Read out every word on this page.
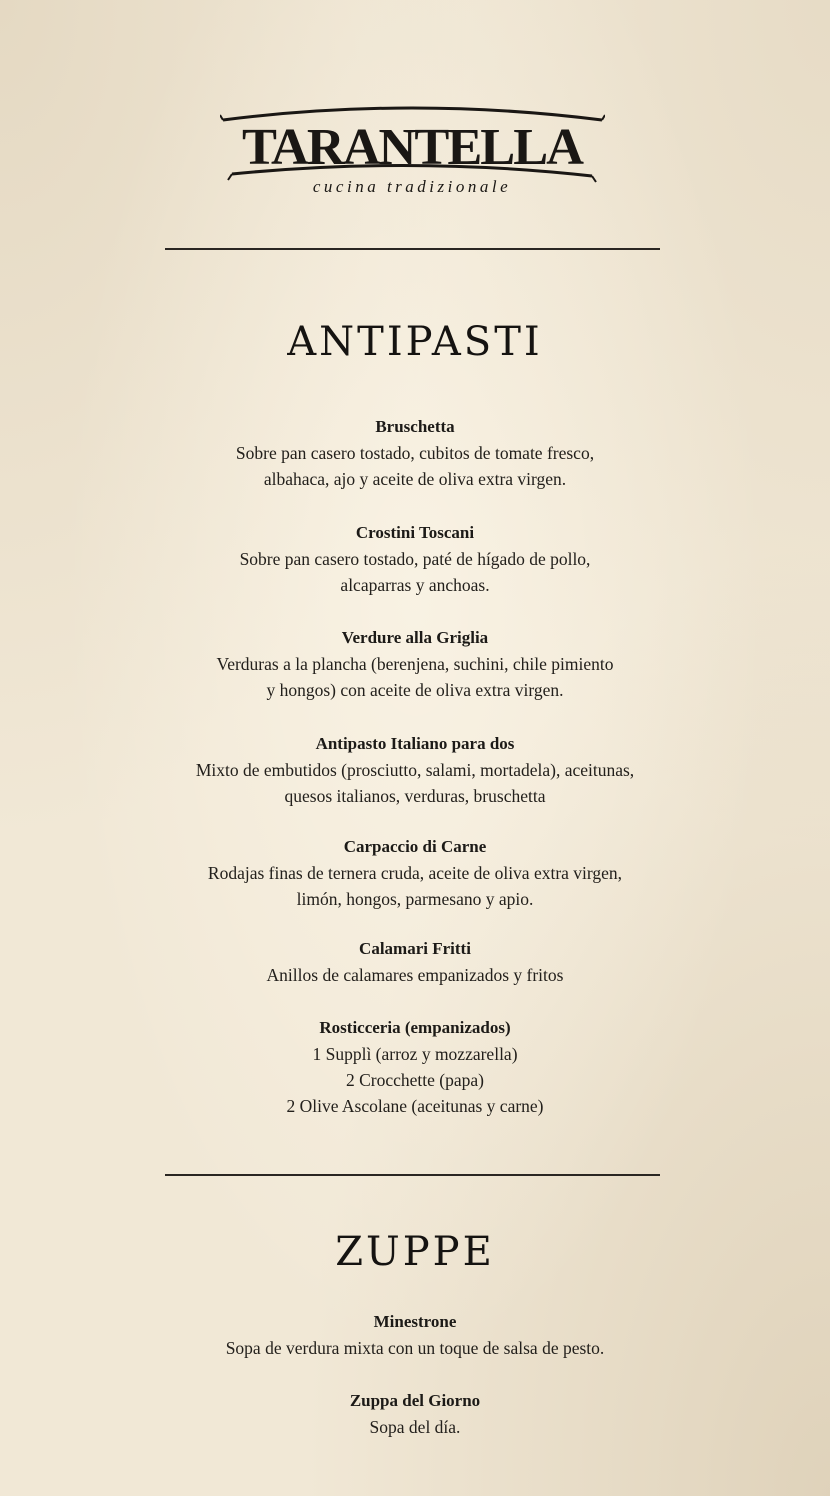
TARANTELLA
cucina tradizionale
ANTIPASTI
Bruschetta
Sobre pan casero tostado, cubitos de tomate fresco,
albahaca, ajo y aceite de oliva extra virgen.
Crostini Toscani
Sobre pan casero tostado, paté de hígado de pollo,
alcaparras y anchoas.
Verdure alla Griglia
Verduras a la plancha (berenjena, suchini, chile pimiento
y hongos) con aceite de oliva extra virgen.
Antipasto Italiano para dos
Mixto de embutidos (prosciutto, salami, mortadela), aceitunas,
quesos italianos, verduras, bruschetta
Carpaccio di Carne
Rodajas finas de ternera cruda, aceite de oliva extra virgen,
limón, hongos, parmesano y apio.
Calamari Fritti
Anillos de calamares empanizados y fritos
Rosticceria (empanizados)
1 Supplì (arroz y mozzarella)
2 Crocchette (papa)
2 Olive Ascolane (aceitunas y carne)
ZUPPE
Minestrone
Sopa de verdura mixta con un toque de salsa de pesto.
Zuppa del Giorno
Sopa del día.
